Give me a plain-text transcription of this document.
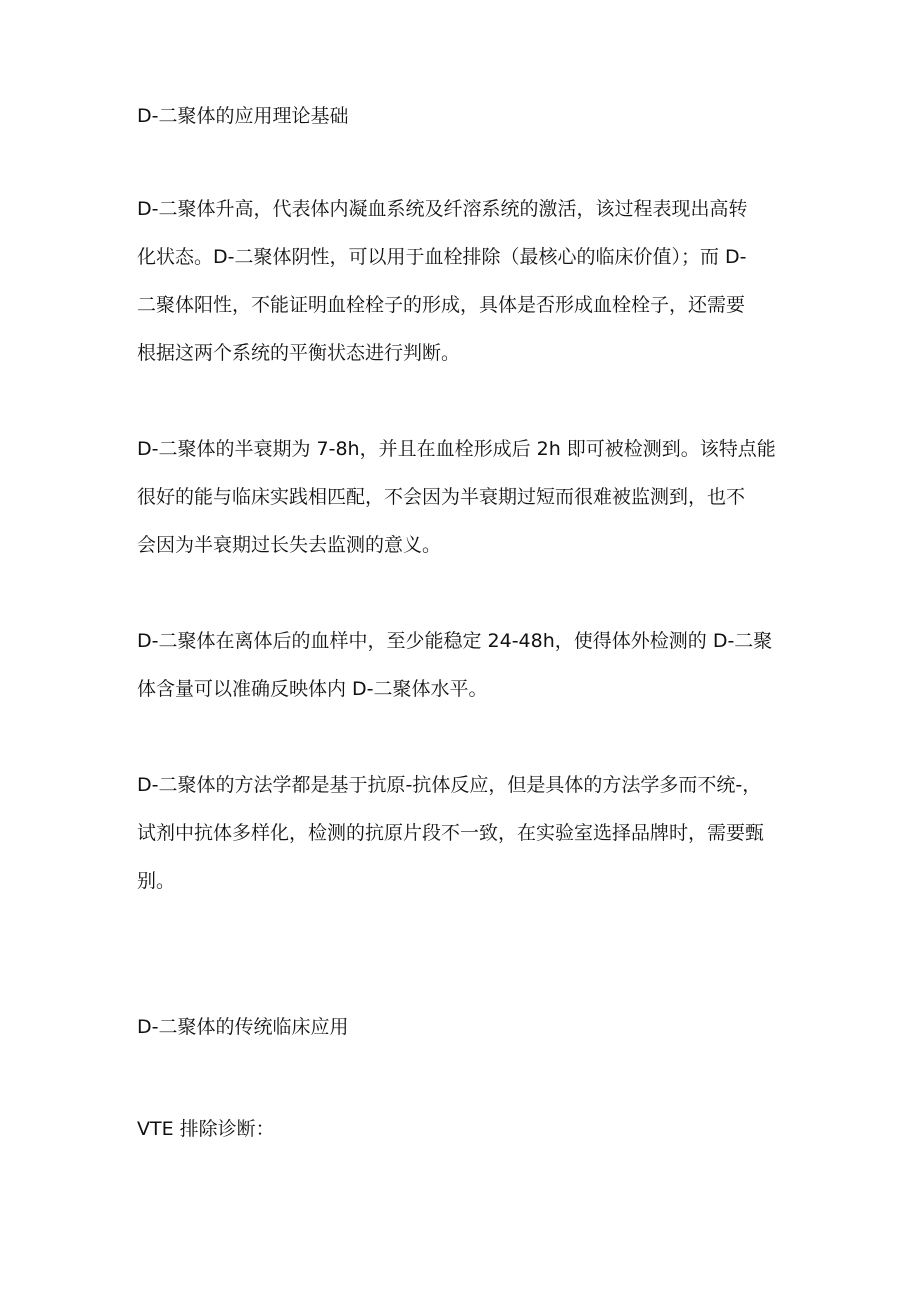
D-二聚体的应用理论基础
D-二聚体升高，代表体内凝血系统及纤溶系统的激活，该过程表现出高转
化状态。D-二聚体阴性，可以用于血栓排除（最核心的临床价值）；而 D-
二聚体阳性，不能证明血栓栓子的形成，具体是否形成血栓栓子，还需要
根据这两个系统的平衡状态进行判断。
D-二聚体的半衰期为 7-8h，并且在血栓形成后 2h 即可被检测到。该特点能
很好的能与临床实践相匹配，不会因为半衰期过短而很难被监测到，也不
会因为半衰期过长失去监测的意义。
D-二聚体在离体后的血样中，至少能稳定 24-48h，使得体外检测的 D-二聚
体含量可以准确反映体内 D-二聚体水平。
D-二聚体的方法学都是基于抗原-抗体反应，但是具体的方法学多而不统-，
试剂中抗体多样化，检测的抗原片段不一致，在实验室选择品牌时，需要甄
别。
D-二聚体的传统临床应用
VTE 排除诊断：
